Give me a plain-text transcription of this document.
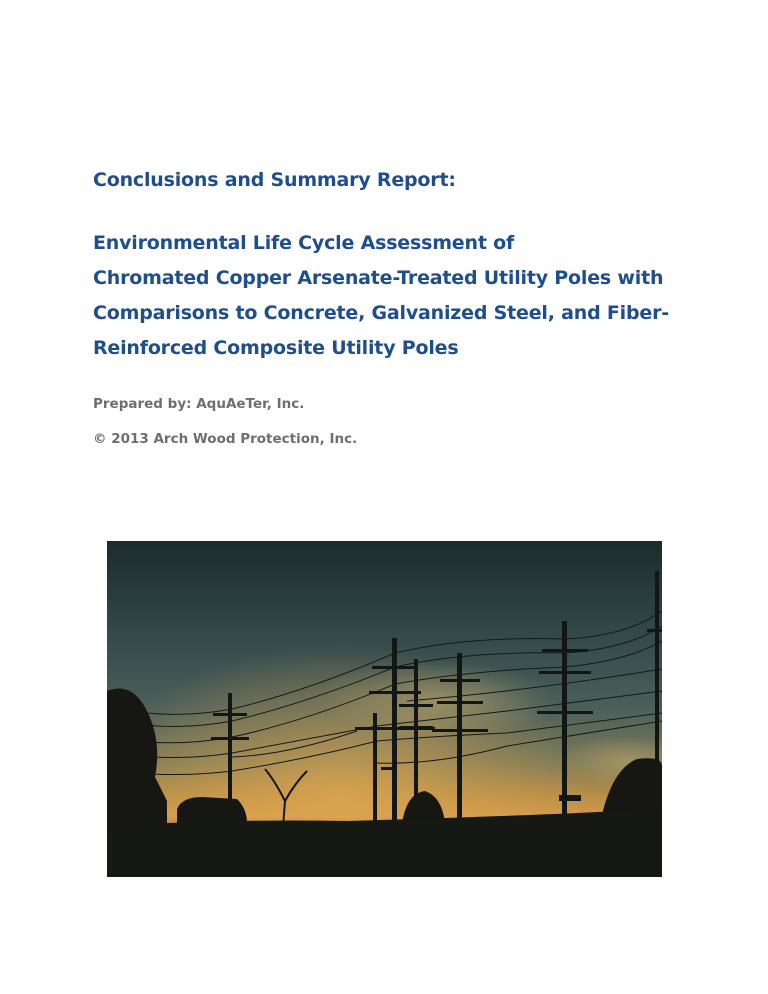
Conclusions and Summary Report:
Environmental Life Cycle Assessment of
Chromated Copper Arsenate-Treated Utility Poles with
Comparisons to Concrete, Galvanized Steel, and Fiber-
Reinforced Composite Utility Poles
Prepared by: AquAeTer, Inc.
© 2013 Arch Wood Protection, Inc.
